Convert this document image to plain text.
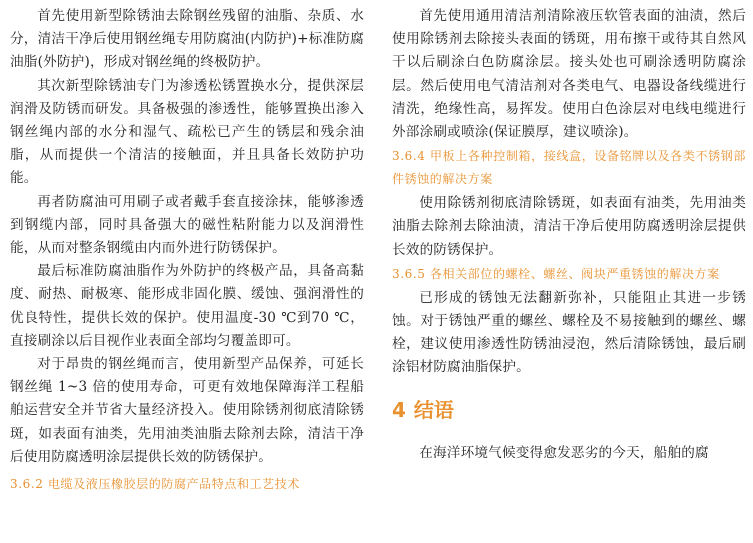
首先使用新型除锈油去除钢丝残留的油脂、杂质、水分，清洁干净后使用钢丝绳专用防腐油(内防护)+标准防腐油脂(外防护)，形成对钢丝绳的终极防护。

其次新型除锈油专门为渗透松锈置换水分，提供深层润滑及防锈而研发。具备极强的渗透性，能够置换出渗入钢丝绳内部的水分和湿气、疏松已产生的锈层和残余油脂，从而提供一个清洁的接触面，并且具备长效防护功能。

再者防腐油可用刷子或者戴手套直接涂抹，能够渗透到钢缆内部，同时具备强大的磁性粘附能力以及润滑性能，从而对整条钢缆由内而外进行防锈保护。

最后标准防腐油脂作为外防护的终极产品，具备高黏度、耐热、耐极寒、能形成非固化膜、缓蚀、强润滑性的优良特性，提供长效的保护。使用温度-30 ℃到70 ℃，直接刷涂以后目视作业表面全部均匀覆盖即可。

对于昂贵的钢丝绳而言，使用新型产品保养，可延长钢丝绳 1~3 倍的使用寿命，可更有效地保障海洋工程船舶运营安全并节省大量经济投入。使用除锈剂彻底清除锈斑，如表面有油类，先用油类油脂去除剂去除，清洁干净后使用防腐透明涂层提供长效的防锈保护。

3.6.2 电缆及液压橡胶层的防腐产品特点和工艺技术

首先使用通用清洁剂清除液压软管表面的油渍，然后使用除锈剂去除接头表面的锈斑，用布擦干或待其自然风干以后刷涂白色防腐涂层。接头处也可刷涂透明防腐涂层。然后使用电气清洁剂对各类电气、电器设备线缆进行清洗，绝缘性高，易挥发。使用白色涂层对电线电缆进行外部涂刷或喷涂(保证膜厚，建议喷涂)。

3.6.4 甲板上各种控制箱，接线盒，设备铭牌以及各类不锈钢部件锈蚀的解决方案

使用除锈剂彻底清除锈斑，如表面有油类，先用油类油脂去除剂去除油渍，清洁干净后使用防腐透明涂层提供长效的防锈保护。

3.6.5 各相关部位的螺栓、螺丝、阀块严重锈蚀的解决方案

已形成的锈蚀无法翻新弥补，只能阻止其进一步锈蚀。对于锈蚀严重的螺丝、螺栓及不易接触到的螺丝、螺栓，建议使用渗透性防锈油浸泡，然后清除锈蚀，最后刷涂铝材防腐油脂保护。

4 结语

在海洋环境气候变得愈发恶劣的今天，船舶的腐
